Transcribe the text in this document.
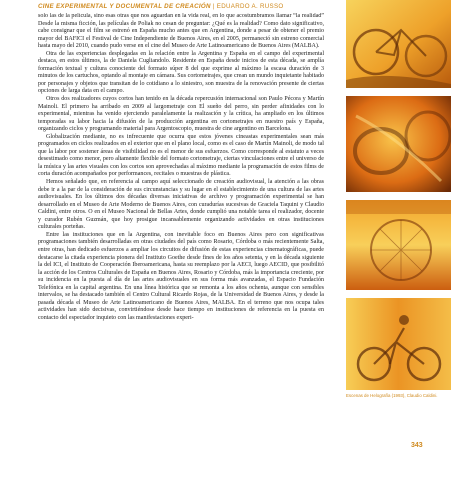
CINE EXPERIMENTAL Y DOCUMENTAL DE CREACIÓN | EDUARDO A. RUSSO

solo las de la película, sino esas otras que nos aguardan en la vida real, en lo que acostumbramos llamar “la realidad” Desde la misma ficción, las películas de Poliak no cesan de preguntar: ¿Qué es la realidad? Como dato significativo, cabe consignar que el film se estrenó en España mucho antes que en Argentina, donde a pesar de obtener el premio mayor del BAFICI el Festival de Cine Independiente de Buenos Aires, en el 2005, permaneció sin estreno comercial hasta mayo del 2010, cuando pudo verse en el cine del Museo de Arte Latinoamericano de Buenos Aires (MALBA).

Otra de las experiencias desplegadas en la relación entre la Argentina y España en el campo del experimental destaca, en estos últimos, la de Daniela Cugliandolo. Residente en España desde inicios de esta década, se amplía formación textual y cultura conociente del formato súper 8 del que exprime al máximo la escasa duración de 3 minutos de los cartuchos, optando al montaje en cámara. Sus cortometrajes, que crean un mundo inquietante habitado por personajes y objetos que transitan de lo cotidiano a lo siniestro, son muestra de la renovación presente de ciertas opciones de larga data en el campo.

Otros dos realizadores cuyos cortos han tenido en la década repercusión internacional son Paulo Pécora y Martín Mainoli. El primero ha arribado en 2009 al largometraje con El sueño del perro, sin perder afinidades con lo experimental, mientras ha venido ejerciendo paralelamente la realización y la crítica, ha ampliado en los últimos temporadas su labor hacia la difusión de la producción argentina en cortometrajes en nuestro país y España, organizando ciclos y programando material para Argentoscopio, muestra de cine argentino en Barcelona.

Globalización mediante, no es infrecuente que ocurra que estos jóvenes cineastas experimentales sean más programados en ciclos realizados en el exterior que en el plano local, como es el caso de Martín Mainoli, de modo tal que la labor por sostener áreas de visibilidad no es el menor de sus esfuerzos. Como corresponde al estatuto a veces desestimado como menor, pero altamente flexible del formato cortometraje, ciertas vinculaciones entre el universo de la música y las artes visuales con los cortos son aprovechadas al máximo mediante la programación de estos films de corta duración acompañados por performances, recitales o muestras de plástica.

Hemos señalado que, en referencia al campo aquí seleccionado de creación audiovisual, la atención a las obras debe ir a la par de la consideración de sus circunstancias y su lugar en el establecimiento de una cultura de las artes audiovisuales. En los últimos dos décadas diversas iniciativas de archivo y programación experimental se han desarrollado en el Museo de Arte Moderno de Buenos Aires, con curadurías sucesivas de Graciela Taquini y Claudio Caldini, entre otros. O en el Museo Nacional de Bellas Artes, donde cumplió una notable tarea el realizador, docente y curador Rubén Guzmán, que hoy prosigue incansablemente organizando actividades en otras instituciones culturales porteñas.

Entre las instituciones que en la Argentina, con inevitable foco en Buenos Aires pero con significativas programaciones también desarrolladas en otras ciudades del país como Rosario, Córdoba o más recientemente Salta, entre otras, han dedicado esfuerzos a ampliar los circuitos de difusión de estas experiencias cinematográficas, puede destacarse la citada experiencia pionera del Instituto Goethe desde fines de los años setenta, y en la década siguiente la del ICI, el Instituto de Cooperación Iberoamericana, hasta su reemplazo por la AECI, luego AECID, que posibilitó la acción de los Centros Culturales de España en Buenos Aires, Rosario y Córdoba, más la importancia creciente, por su incidencia en la puesta al día de las artes audiovisuales en sus forma más avanzadas, el Espacio Fundación Telefónica en la capital argentina. En una línea histórica que se remonta a los años ochenta, aunque con sensibles intervalos, se ha destacado también el Centro Cultural Ricardo Rojas, de la Universidad de Buenos Aires, y desde la pasada década el Museo de Arte Latinoamericano de Buenos Aires, MALBA. En el terreno que nos ocupa tales actividades han sido decisivas, convirtiéndose desde hace tiempo en instituciones de referencia en la puesta en contacto del espectador inquieto con las manifestaciones experi-

Escenas de Helografía (1993), Claudio Caldini.
343
